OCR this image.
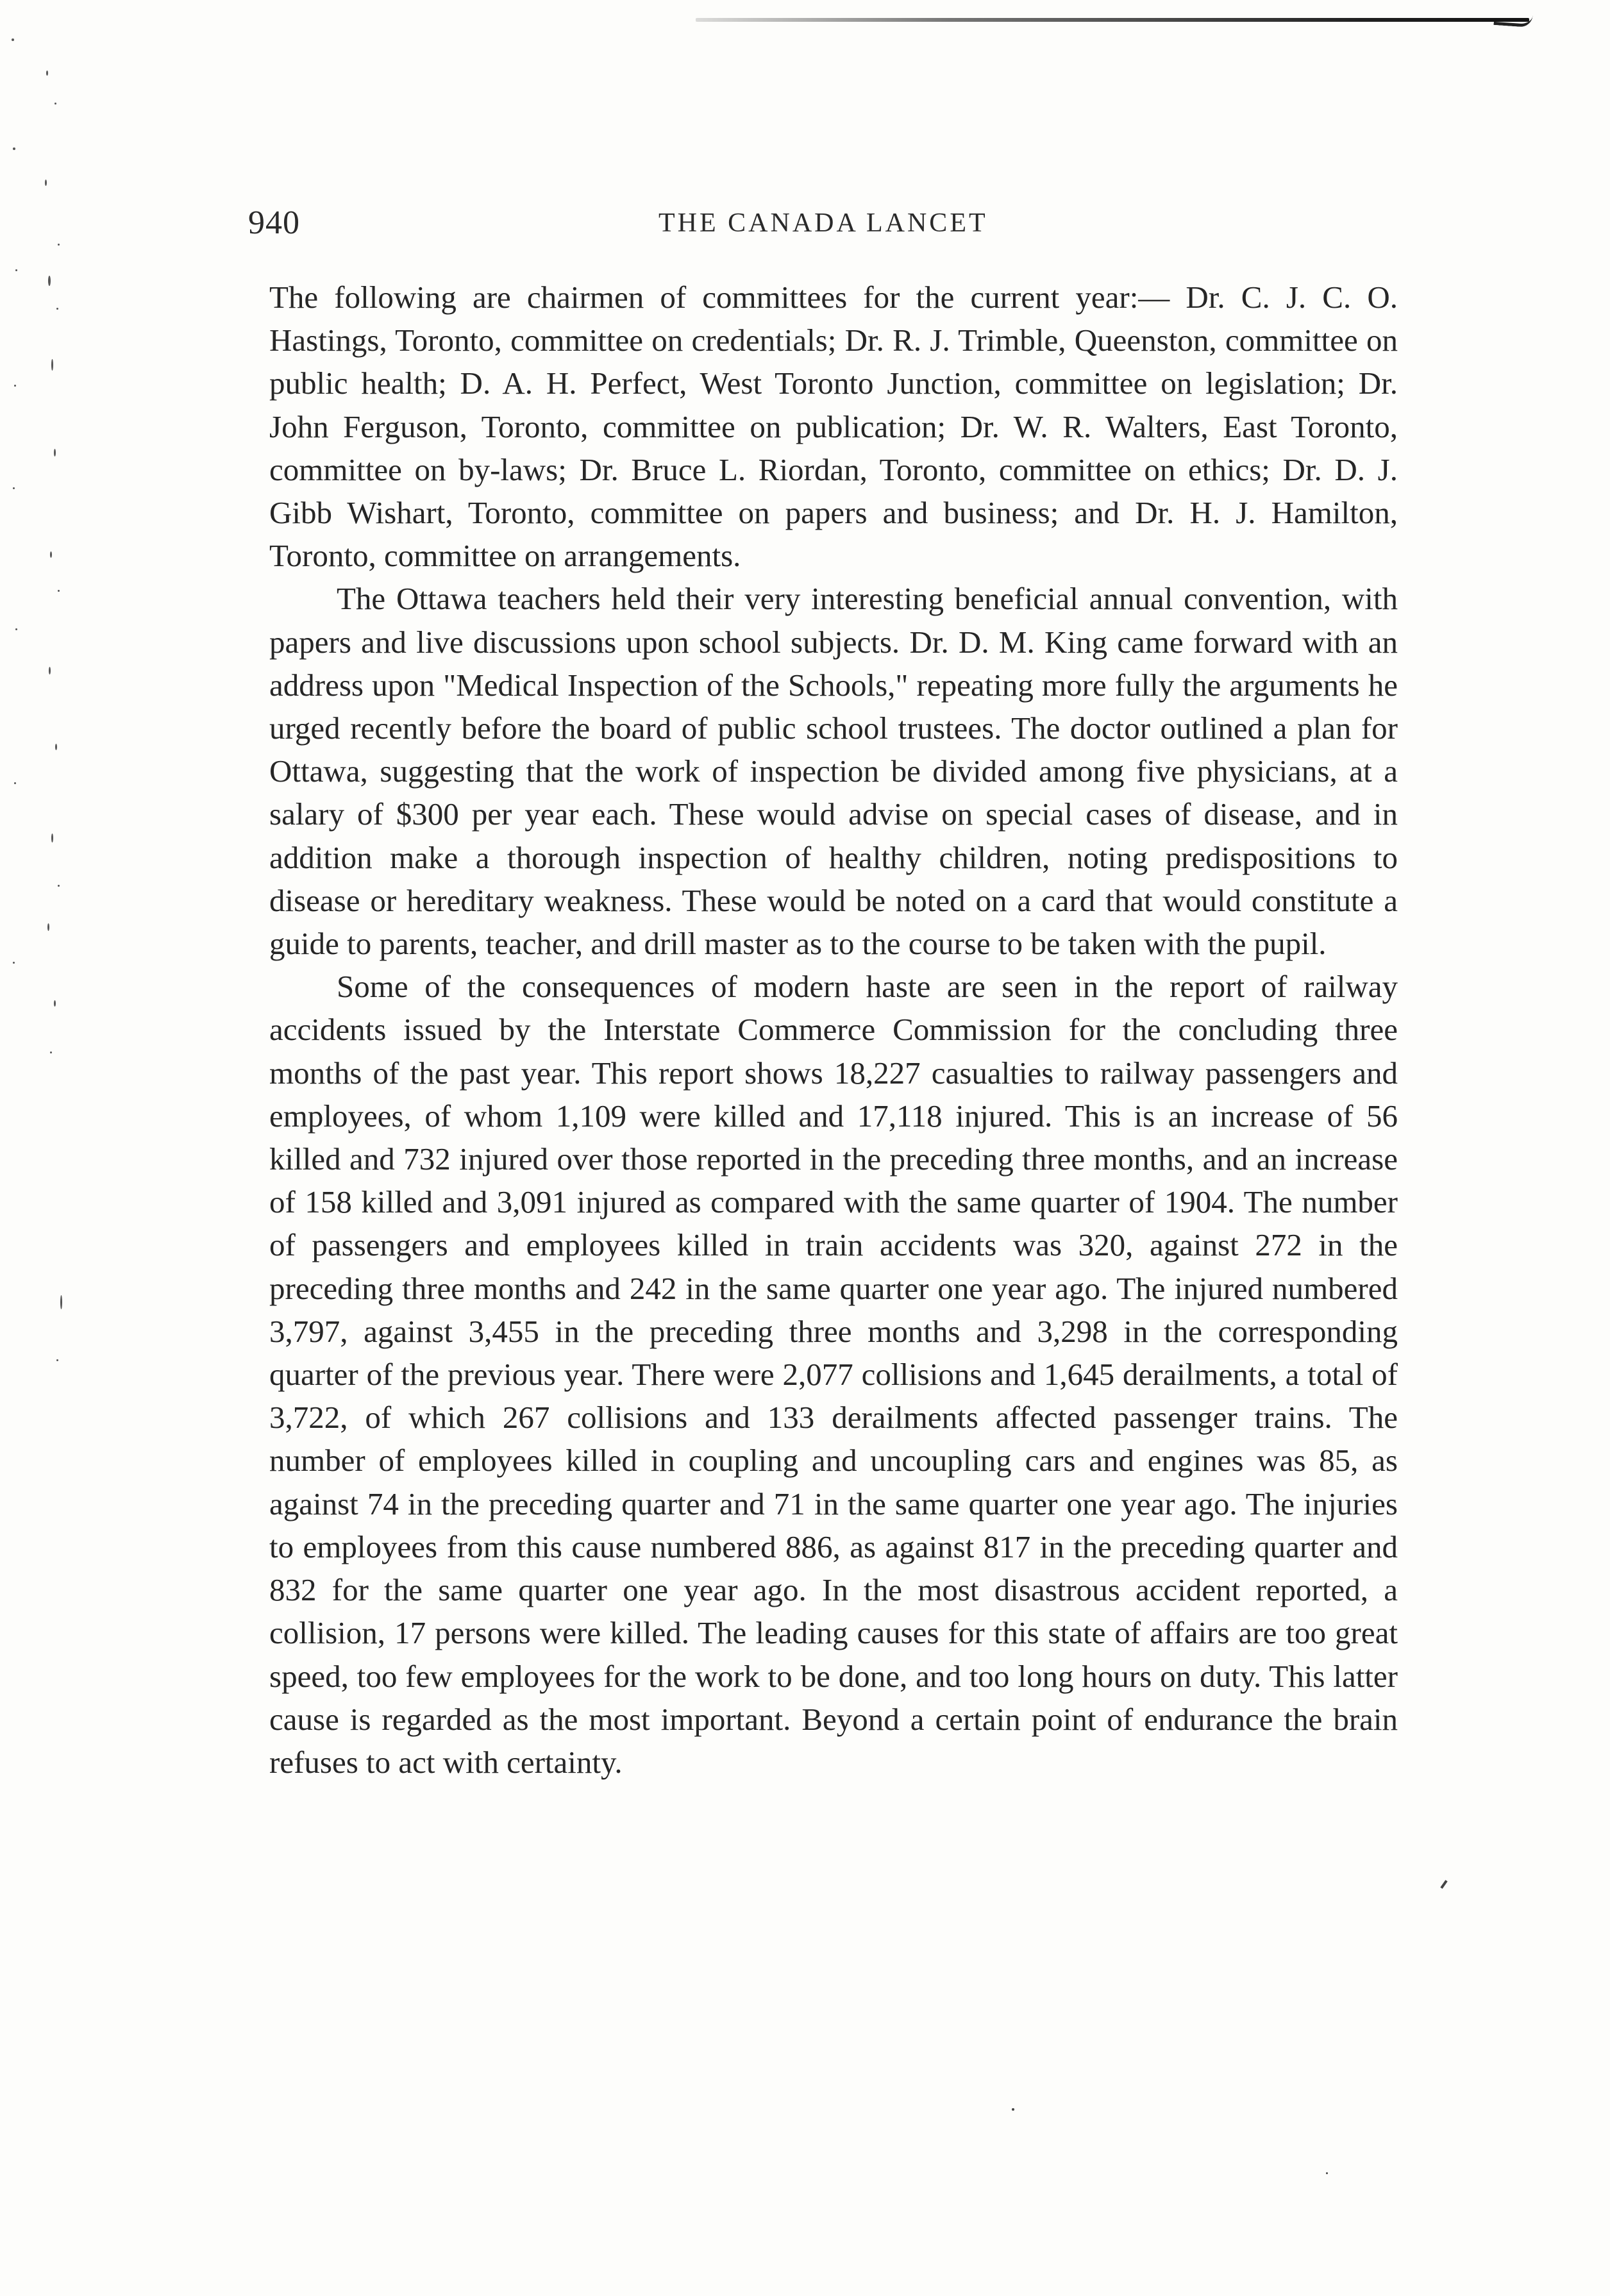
940	THE CANADA LANCET

The following are chairmen of committees for the current year:— Dr. C. J. C. O. Hastings, Toronto, committee on credentials; Dr. R. J. Trimble, Queenston, committee on public health; D. A. H. Perfect, West Toronto Junction, committee on legislation; Dr. John Ferguson, Toronto, committee on publication; Dr. W. R. Walters, East Toronto, committee on by-laws; Dr. Bruce L. Riordan, Toronto, committee on ethics; Dr. D. J. Gibb Wishart, Toronto, committee on papers and business; and Dr. H. J. Hamilton, Toronto, committee on arrangements.

The Ottawa teachers held their very interesting beneficial annual convention, with papers and live discussions upon school subjects. Dr. D. M. King came forward with an address upon "Medical Inspection of the Schools," repeating more fully the arguments he urged recently before the board of public school trustees. The doctor outlined a plan for Ottawa, suggesting that the work of inspection be divided among five physicians, at a salary of $300 per year each. These would advise on special cases of disease, and in addition make a thorough inspection of healthy children, noting predispositions to disease or hereditary weakness. These would be noted on a card that would constitute a guide to parents, teacher, and drill master as to the course to be taken with the pupil.

Some of the consequences of modern haste are seen in the report of railway accidents issued by the Interstate Commerce Commission for the concluding three months of the past year. This report shows 18,227 casualties to railway passengers and employees, of whom 1,109 were killed and 17,118 injured. This is an increase of 56 killed and 732 injured over those reported in the preceding three months, and an increase of 158 killed and 3,091 injured as compared with the same quarter of 1904. The number of passengers and employees killed in train accidents was 320, against 272 in the preceding three months and 242 in the same quarter one year ago. The injured numbered 3,797, against 3,455 in the preceding three months and 3,298 in the corresponding quarter of the previous year. There were 2,077 collisions and 1,645 derailments, a total of 3,722, of which 267 collisions and 133 derailments affected passenger trains. The number of employees killed in coupling and uncoupling cars and engines was 85, as against 74 in the preceding quarter and 71 in the same quarter one year ago. The injuries to employees from this cause numbered 886, as against 817 in the preceding quarter and 832 for the same quarter one year ago. In the most disastrous accident reported, a collision, 17 persons were killed. The leading causes for this state of affairs are too great speed, too few employees for the work to be done, and too long hours on duty. This latter cause is regarded as the most important. Beyond a certain point of endurance the brain refuses to act with certainty.
